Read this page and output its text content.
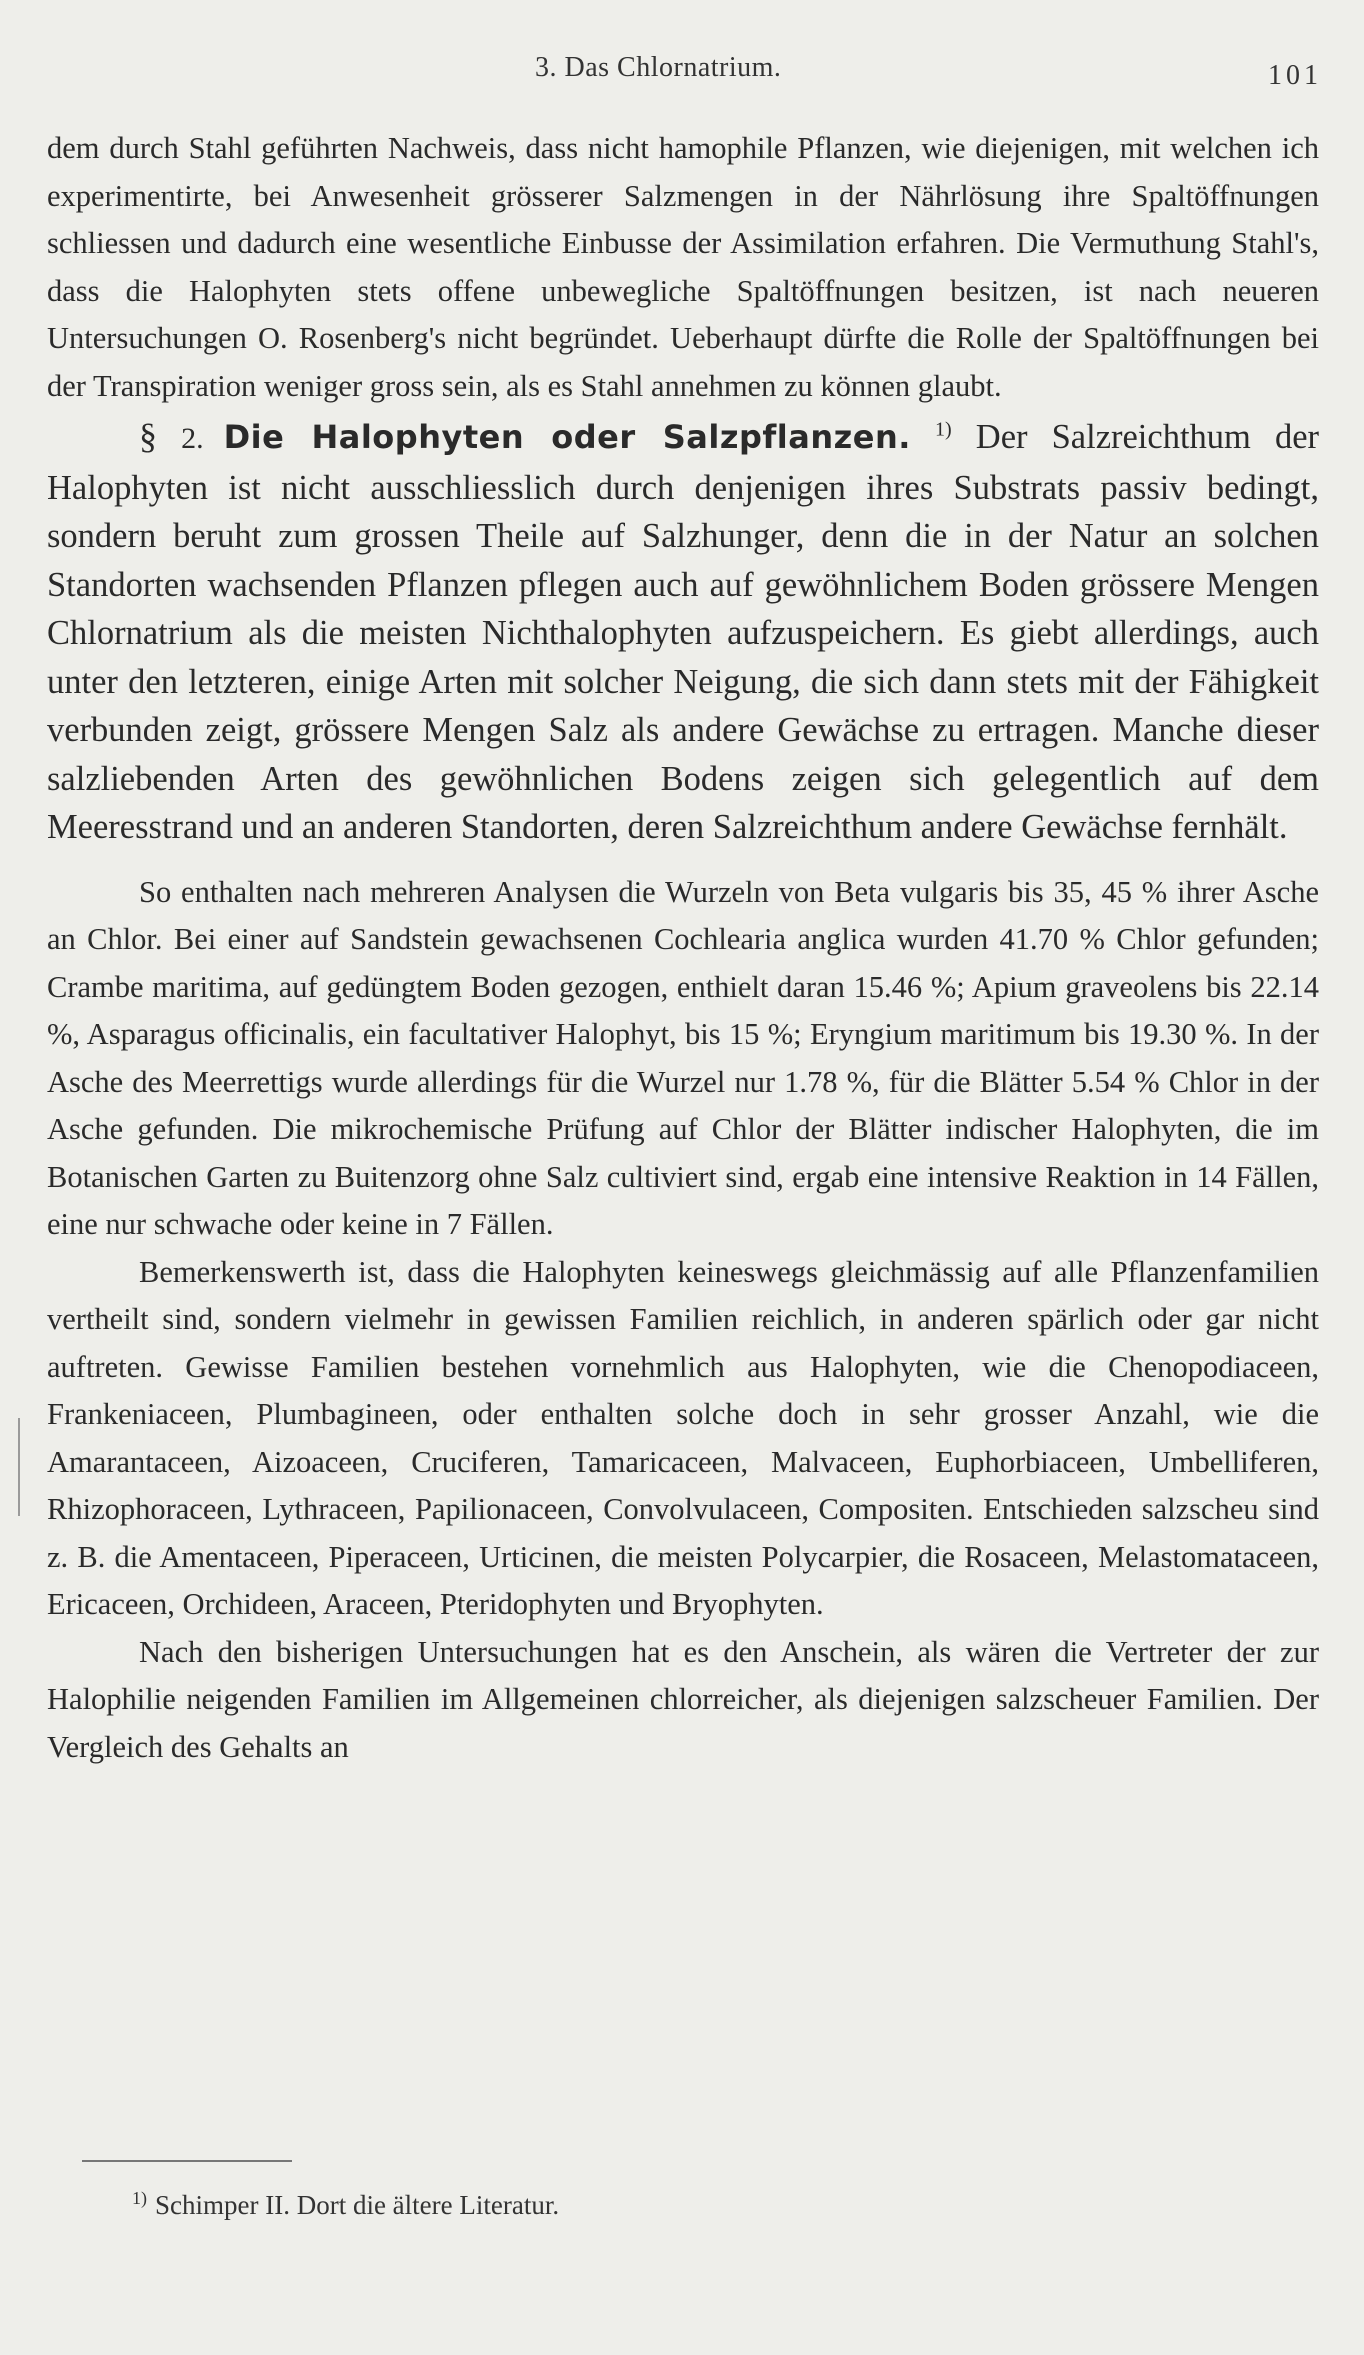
3. Das Chlornatrium.	101

dem durch Stahl geführten Nachweis, dass nicht hamophile Pflanzen, wie diejenigen, mit welchen ich experimentirte, bei Anwesenheit grösserer Salzmengen in der Nährlösung ihre Spaltöffnungen schliessen und dadurch eine wesentliche Einbusse der Assimilation erfahren. Die Vermuthung Stahl's, dass die Halophyten stets offene unbewegliche Spaltöffnungen besitzen, ist nach neueren Untersuchungen O. Rosenberg's nicht begründet. Ueberhaupt dürfte die Rolle der Spaltöffnungen bei der Transpiration weniger gross sein, als es Stahl annehmen zu können glaubt.

§ 2. Die Halophyten oder Salzpflanzen. $^{1)}$ Der Salzreichthum der Halophyten ist nicht ausschliesslich durch denjenigen ihres Substrats passiv bedingt, sondern beruht zum grossen Theile auf Salzhunger, denn die in der Natur an solchen Standorten wachsenden Pflanzen pflegen auch auf gewöhnlichem Boden grössere Mengen Chlornatrium als die meisten Nichthalophyten aufzuspeichern. Es giebt allerdings, auch unter den letzteren, einige Arten mit solcher Neigung, die sich dann stets mit der Fähigkeit verbunden zeigt, grössere Mengen Salz als andere Gewächse zu ertragen. Manche dieser salzliebenden Arten des gewöhnlichen Bodens zeigen sich gelegentlich auf dem Meeresstrand und an anderen Standorten, deren Salzreichthum andere Gewächse fernhält.

So enthalten nach mehreren Analysen die Wurzeln von Beta vulgaris bis 35, 45 % ihrer Asche an Chlor. Bei einer auf Sandstein gewachsenen Cochlearia anglica wurden 41.70 % Chlor gefunden; Crambe maritima, auf gedüngtem Boden gezogen, enthielt daran 15.46 %; Apium graveolens bis 22.14 %, Asparagus officinalis, ein facultativer Halophyt, bis 15 %; Eryngium maritimum bis 19.30 %. In der Asche des Meerrettigs wurde allerdings für die Wurzel nur 1.78 %, für die Blätter 5.54 % Chlor in der Asche gefunden. Die mikrochemische Prüfung auf Chlor der Blätter indischer Halophyten, die im Botanischen Garten zu Buitenzorg ohne Salz cultiviert sind, ergab eine intensive Reaktion in 14 Fällen, eine nur schwache oder keine in 7 Fällen.

Bemerkenswerth ist, dass die Halophyten keineswegs gleichmässig auf alle Pflanzenfamilien vertheilt sind, sondern vielmehr in gewissen Familien reichlich, in anderen spärlich oder gar nicht auftreten. Gewisse Familien bestehen vornehmlich aus Halophyten, wie die Chenopodiaceen, Frankeniaceen, Plumbagineen, oder enthalten solche doch in sehr grosser Anzahl, wie die Amarantaceen, Aizoaceen, Cruciferen, Tamaricaceen, Malvaceen, Euphorbiaceen, Umbelliferen, Rhizophoraceen, Lythraceen, Papilionaceen, Convolvulaceen, Compositen. Entschieden salzscheu sind z. B. die Amentaceen, Piperaceen, Urticinen, die meisten Polycarpier, die Rosaceen, Melastomataceen, Ericaceen, Orchideen, Araceen, Pteridophyten und Bryophyten.

Nach den bisherigen Untersuchungen hat es den Anschein, als wären die Vertreter der zur Halophilie neigenden Familien im Allgemeinen chlorreicher, als diejenigen salzscheuer Familien. Der Vergleich des Gehalts an

$^{1)}$ Schimper II. Dort die ältere Literatur.
